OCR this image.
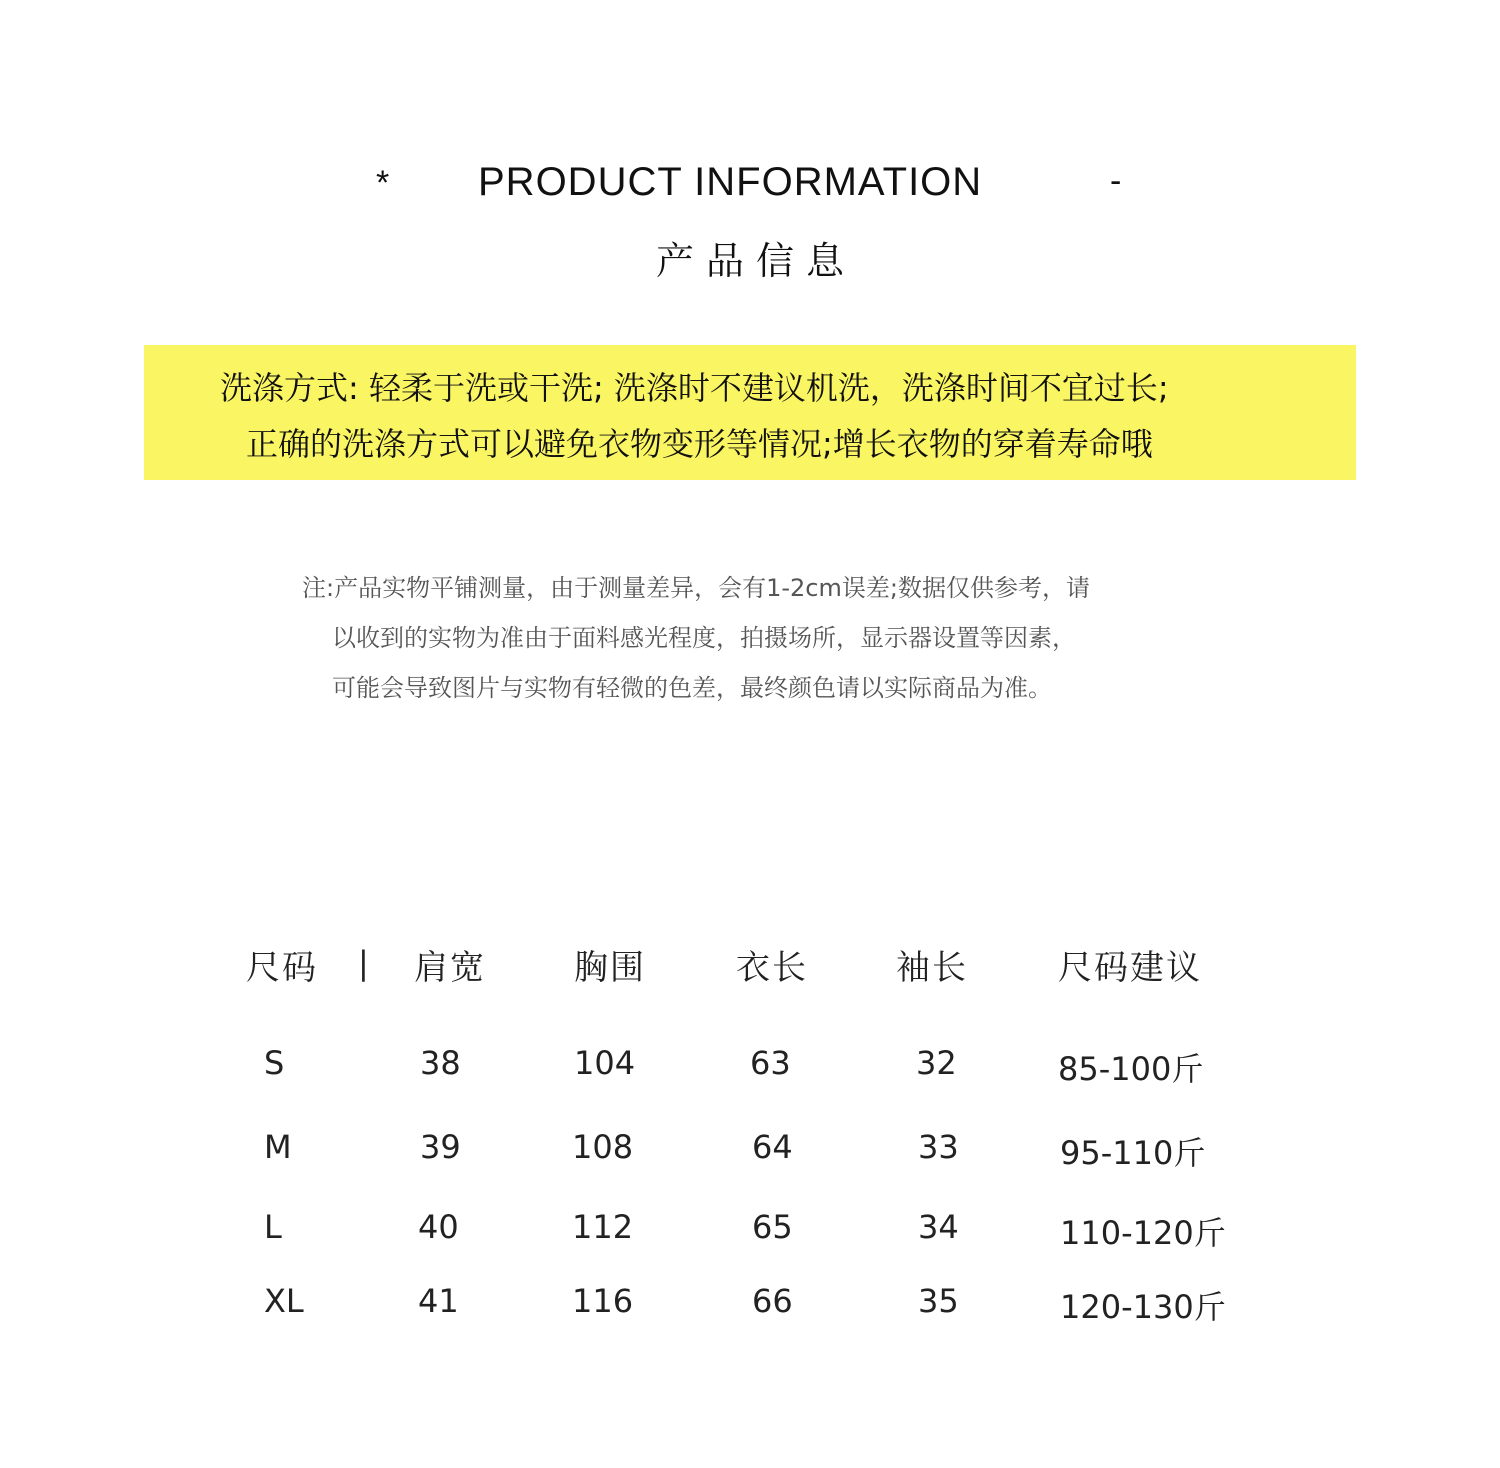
* PRODUCT INFORMATION	-
产品信息
洗涤方式: 轻柔于洗或干洗; 洗涤时不建议机洗，洗涤时间不宜过长;
正确的洗涤方式可以避免衣物变形等情况;增长衣物的穿着寿命哦
注:产品实物平铺测量，由于测量差异，会有1-2cm误差;数据仅供参考，请
以收到的实物为准由于面料感光程度，拍摄场所，显示器设置等因素，
可能会导致图片与实物有轻微的色差，最终颜色请以实际商品为准。
尺码 | 肩宽	胸围	衣长	袖长	尺码建议
S	38	104	63	32	85-100斤
M	39	108	64	33	95-110斤
L	40	112	65	34	110-120斤
XL	41	116	66	35	120-130斤
